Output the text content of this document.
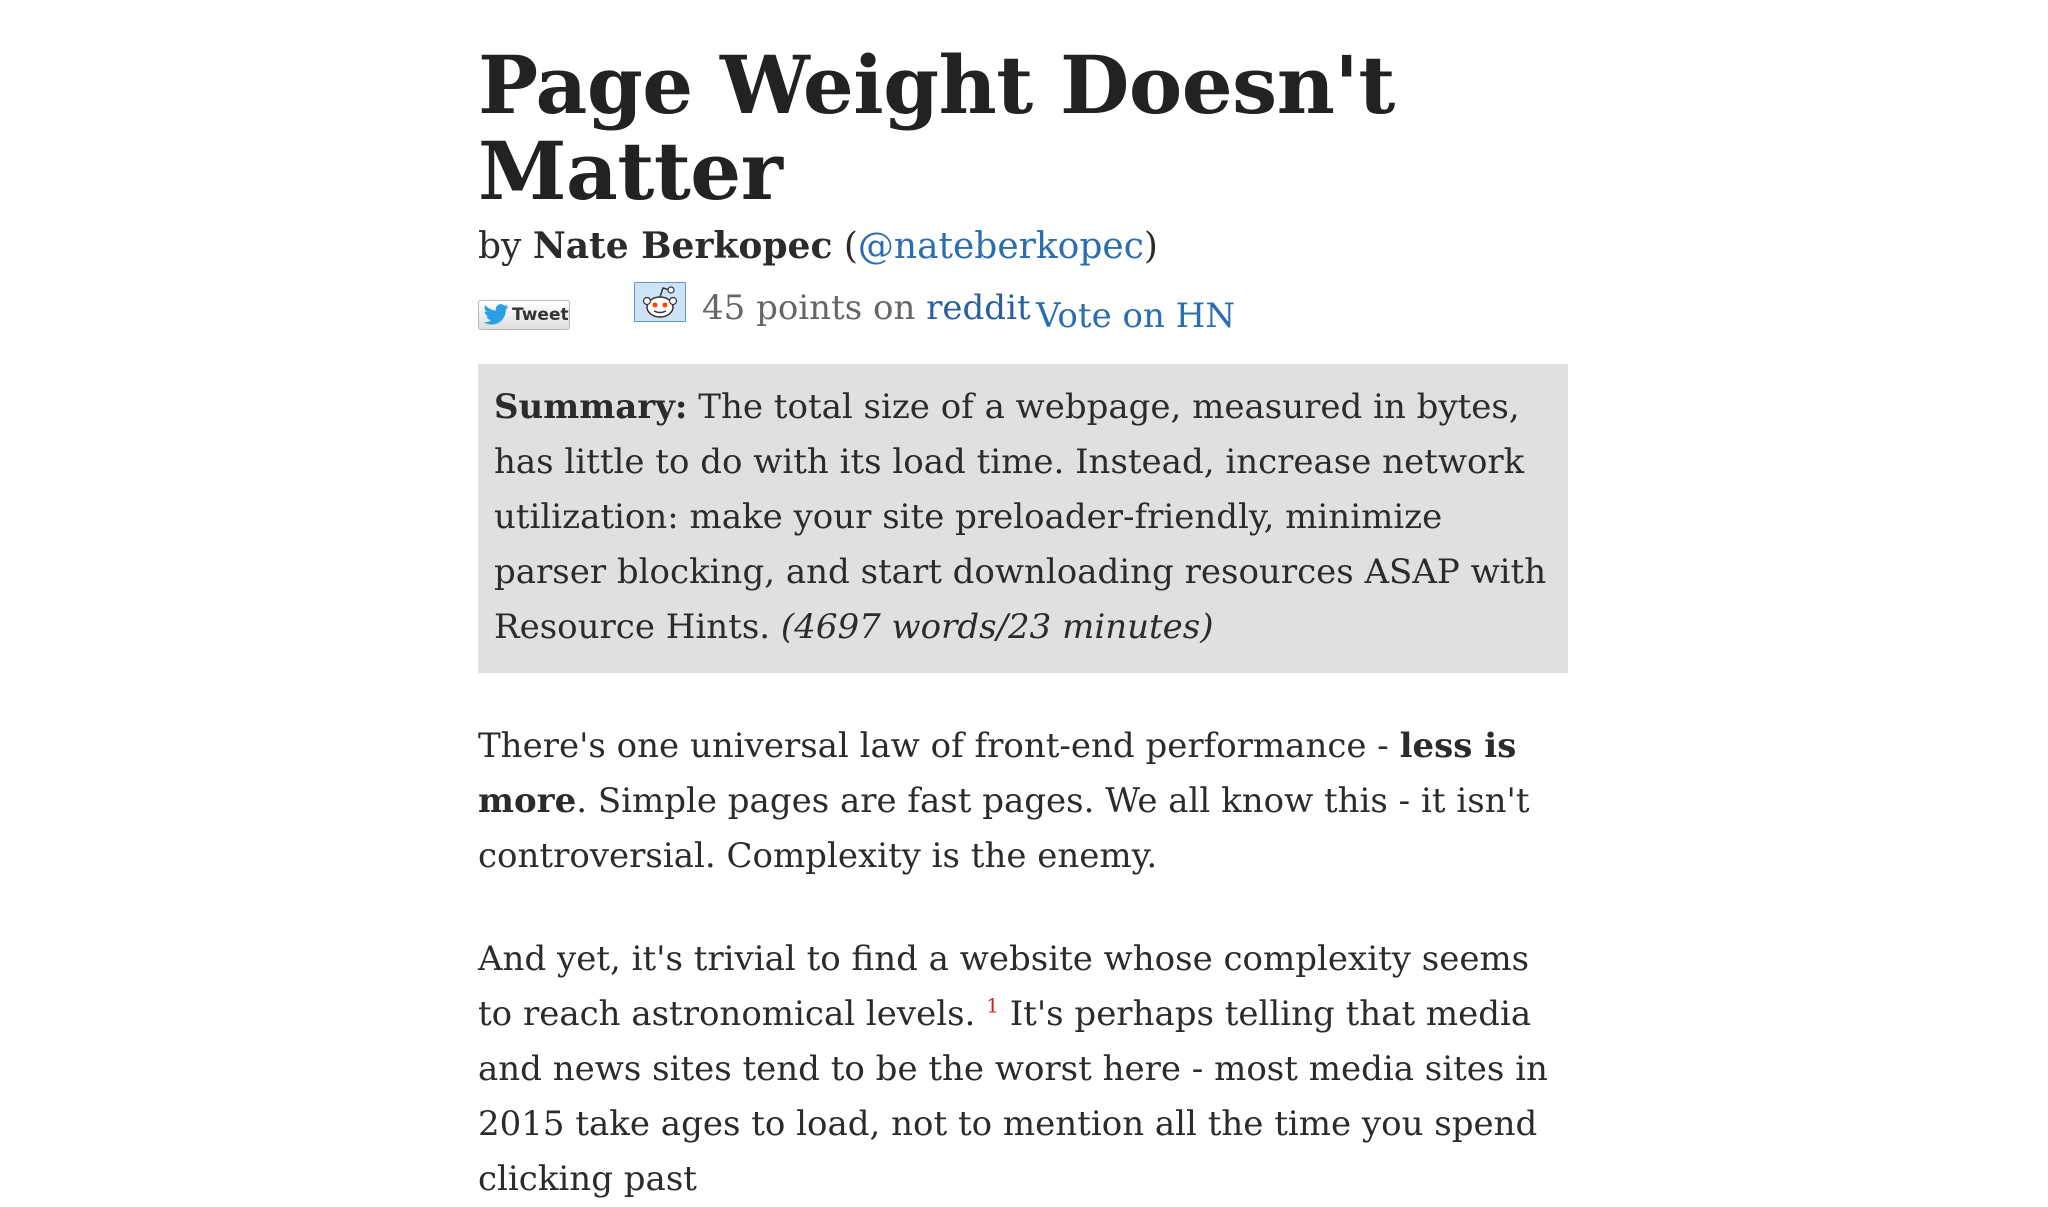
Page Weight Doesn't Matter
by Nate Berkopec (@nateberkopec)
Tweet	45 points on reddit Vote on HN
Summary: The total size of a webpage, measured in bytes, has little to do with its load time. Instead, increase network utilization: make your site preloader-friendly, minimize parser blocking, and start downloading resources ASAP with Resource Hints. (4697 words/23 minutes)

There's one universal law of front-end performance - less is more. Simple pages are fast pages. We all know this - it isn't controversial. Complexity is the enemy.

And yet, it's trivial to find a website whose complexity seems to reach astronomical levels. $^1$ It's perhaps telling that media and news sites tend to be the worst here - most media sites in 2015 take ages to load, not to mention all the time you spend clicking past
